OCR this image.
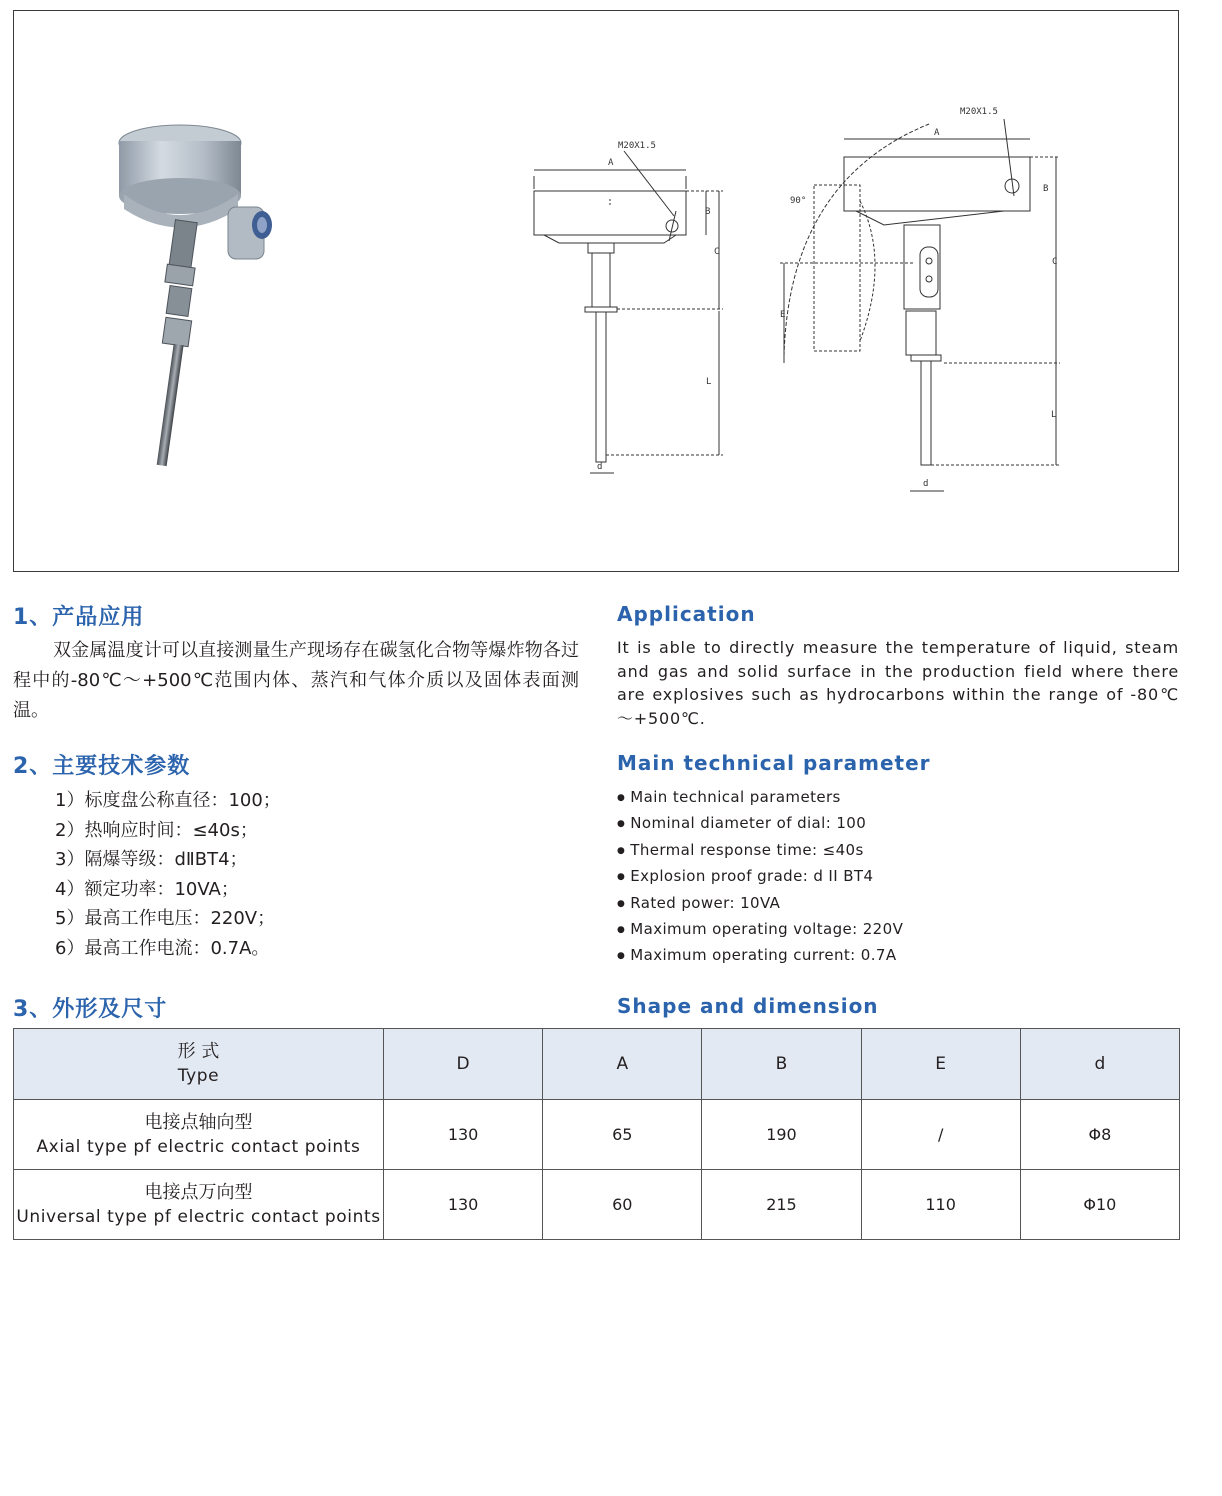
M20X1.5
A
B
C
L
d
M20X1.5
A
B
C
L
E
d
90°
1、产品应用	Application

双金属温度计可以直接测量生产现场存在碳氢化合物等爆炸物各过程中的-80℃～+500℃范围内体、蒸汽和气体介质以及固体表面测温。

It is able to directly measure the temperature of liquid, steam and gas and solid surface in the production field where there are explosives such as hydrocarbons within the range of -80℃～+500℃.

2、主要技术参数	Main technical parameter
1）标度盘公称直径：100；
2）热响应时间：≤40s；
3）隔爆等级：dⅡBT4；
4）额定功率：10VA；
5）最高工作电压：220V；
6）最高工作电流：0.7A。
● Main technical parameters
● Nominal diameter of dial: 100
● Thermal response time: ≤40s
● Explosion proof grade: d II BT4
● Rated power: 10VA
● Maximum operating voltage: 220V
● Maximum operating current: 0.7A
3、外形及尺寸	Shape and dimension
形 式
Type	D	A	B	E	d

电接点轴向型
Axial type pf electric contact points	130	65	190	/	Φ8

电接点万向型
Universal type pf electric contact points	130	60	215	110	Φ10
